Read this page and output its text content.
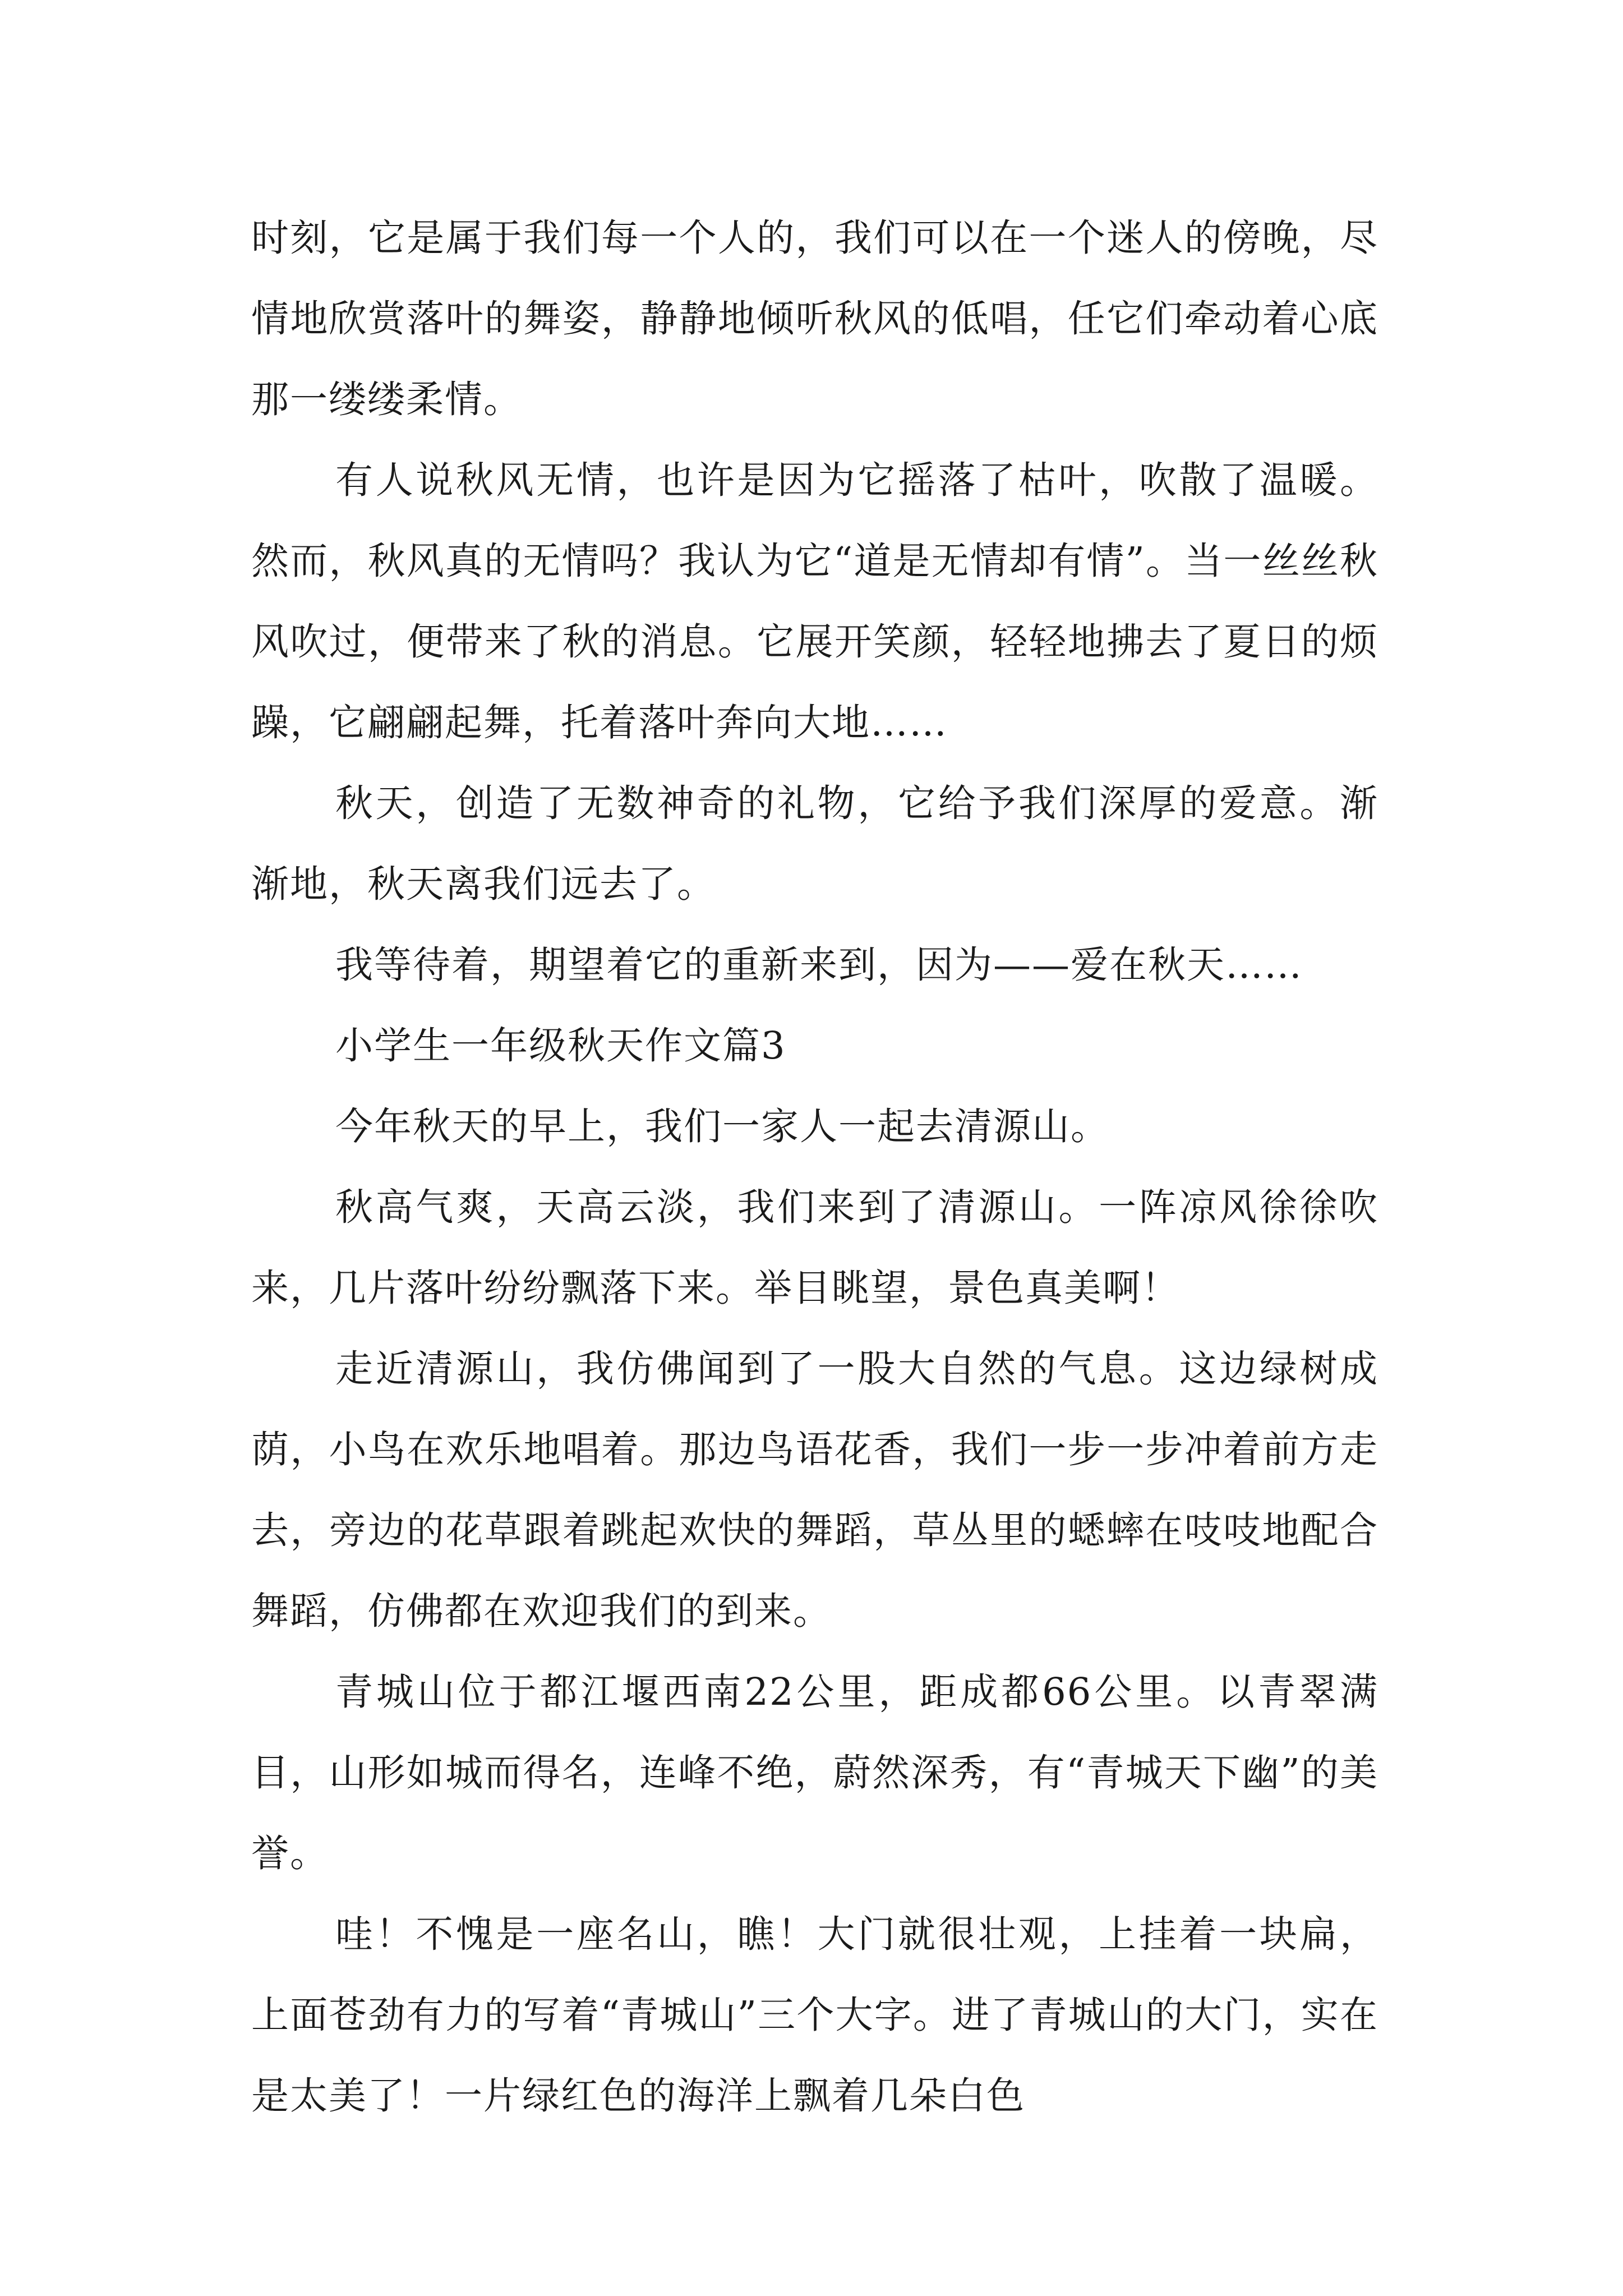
时刻，它是属于我们每一个人的，我们可以在一个迷人的傍晚，尽情地欣赏落叶的舞姿，静静地倾听秋风的低唱，任它们牵动着心底那一缕缕柔情。

有人说秋风无情，也许是因为它摇落了枯叶，吹散了温暖。然而，秋风真的无情吗？我认为它“道是无情却有情”。当一丝丝秋风吹过，便带来了秋的消息。它展开笑颜，轻轻地拂去了夏日的烦躁，它翩翩起舞，托着落叶奔向大地……

秋天，创造了无数神奇的礼物，它给予我们深厚的爱意。渐渐地，秋天离我们远去了。

我等待着，期望着它的重新来到，因为——爱在秋天……

小学生一年级秋天作文篇3

今年秋天的早上，我们一家人一起去清源山。

秋高气爽，天高云淡，我们来到了清源山。一阵凉风徐徐吹来，几片落叶纷纷飘落下来。举目眺望，景色真美啊！

走近清源山，我仿佛闻到了一股大自然的气息。这边绿树成荫，小鸟在欢乐地唱着。那边鸟语花香，我们一步一步冲着前方走去，旁边的花草跟着跳起欢快的舞蹈，草丛里的蟋蟀在吱吱地配合舞蹈，仿佛都在欢迎我们的到来。

青城山位于都江堰西南22公里，距成都66公里。以青翠满目，山形如城而得名，连峰不绝，蔚然深秀，有“青城天下幽”的美誉。

哇！不愧是一座名山，瞧！大门就很壮观，上挂着一块扁，上面苍劲有力的写着“青城山”三个大字。进了青城山的大门，实在是太美了！一片绿红色的海洋上飘着几朵白色
